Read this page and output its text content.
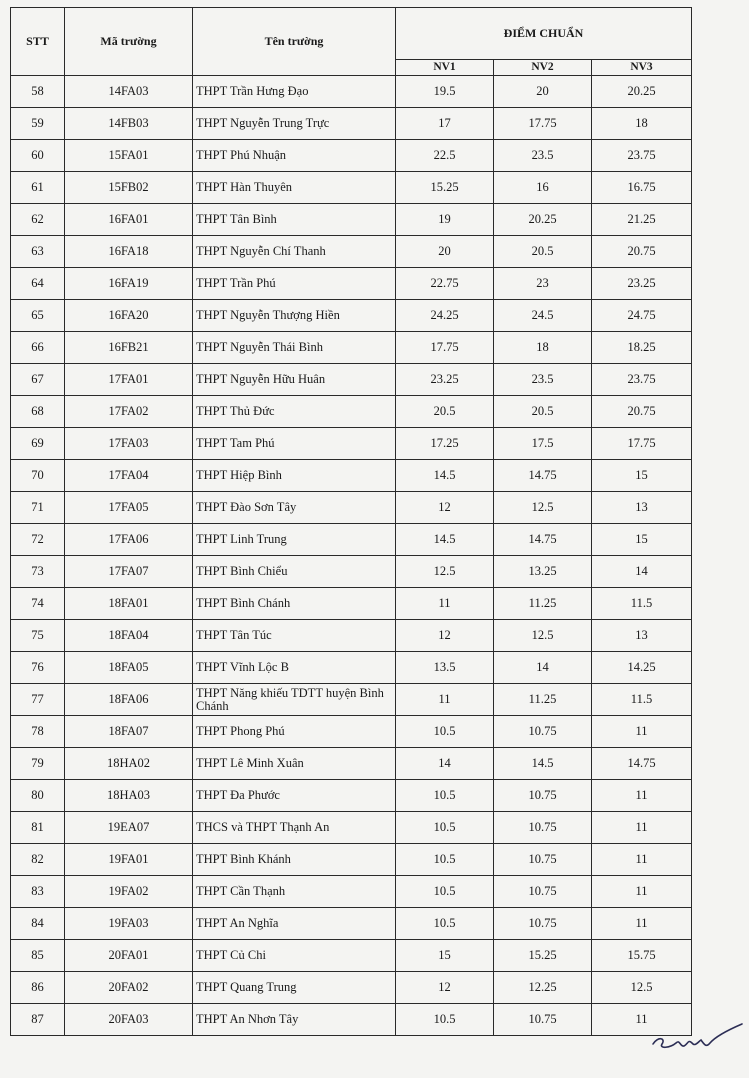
STT	Mã trường	Tên trường	ĐIỂM CHUẨN		
			NV1	NV2	NV3
58	14FA03	THPT Trần Hưng Đạo	19.5	20	20.25
59	14FB03	THPT Nguyễn Trung Trực	17	17.75	18
60	15FA01	THPT Phú Nhuận	22.5	23.5	23.75
61	15FB02	THPT Hàn Thuyên	15.25	16	16.75
62	16FA01	THPT Tân Bình	19	20.25	21.25
63	16FA18	THPT Nguyễn Chí Thanh	20	20.5	20.75
64	16FA19	THPT Trần Phú	22.75	23	23.25
65	16FA20	THPT Nguyễn Thượng Hiền	24.25	24.5	24.75
66	16FB21	THPT Nguyễn Thái Bình	17.75	18	18.25
67	17FA01	THPT Nguyễn Hữu Huân	23.25	23.5	23.75
68	17FA02	THPT Thủ Đức	20.5	20.5	20.75
69	17FA03	THPT Tam Phú	17.25	17.5	17.75
70	17FA04	THPT Hiệp Bình	14.5	14.75	15
71	17FA05	THPT Đào Sơn Tây	12	12.5	13
72	17FA06	THPT Linh Trung	14.5	14.75	15
73	17FA07	THPT Bình Chiểu	12.5	13.25	14
74	18FA01	THPT Bình Chánh	11	11.25	11.5
75	18FA04	THPT Tân Túc	12	12.5	13
76	18FA05	THPT Vĩnh Lộc B	13.5	14	14.25
77	18FA06	THPT Năng khiếu TDTT huyện Bình Chánh	11	11.25	11.5
78	18FA07	THPT Phong Phú	10.5	10.75	11
79	18HA02	THPT Lê Minh Xuân	14	14.5	14.75
80	18HA03	THPT Đa Phước	10.5	10.75	11
81	19EA07	THCS và THPT Thạnh An	10.5	10.75	11
82	19FA01	THPT Bình Khánh	10.5	10.75	11
83	19FA02	THPT Cần Thạnh	10.5	10.75	11
84	19FA03	THPT An Nghĩa	10.5	10.75	11
85	20FA01	THPT Củ Chi	15	15.25	15.75
86	20FA02	THPT Quang Trung	12	12.25	12.5
87	20FA03	THPT An Nhơn Tây	10.5	10.75	11
